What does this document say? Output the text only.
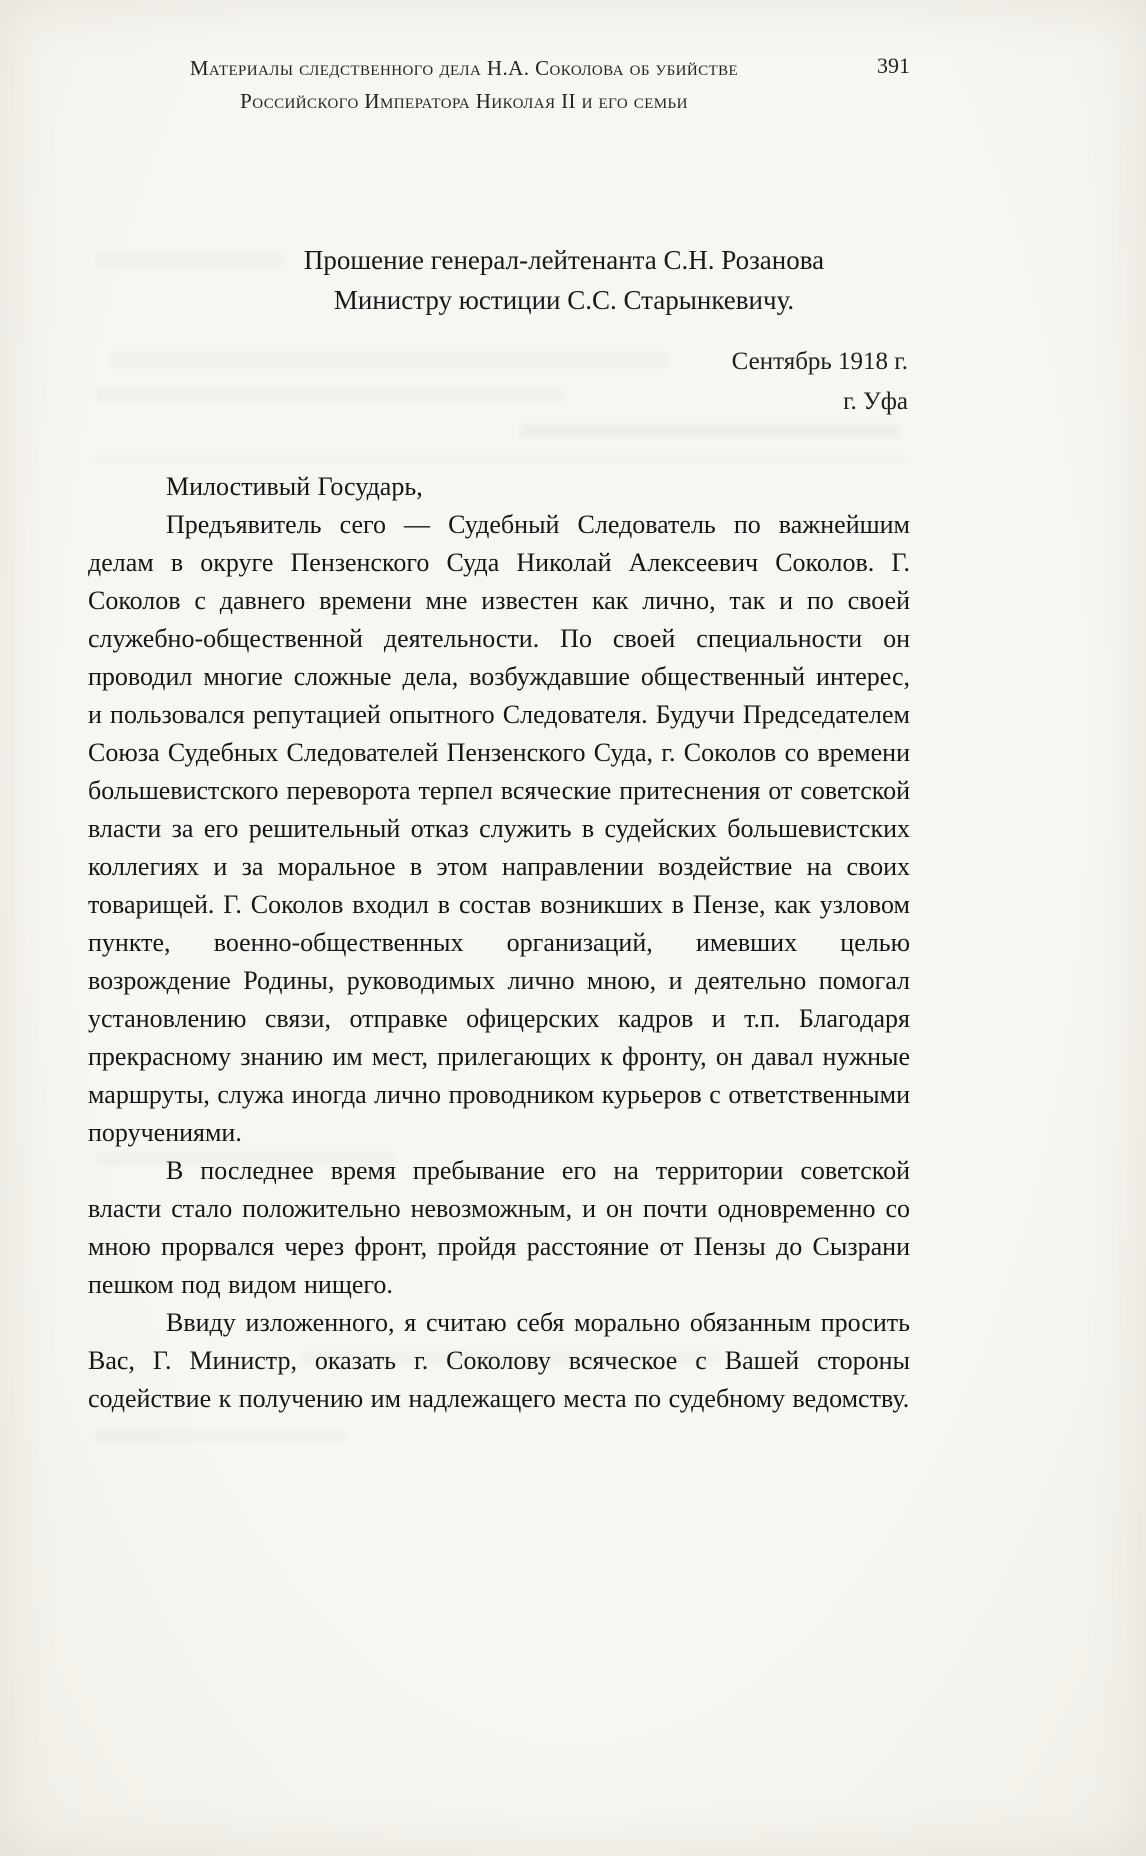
Материалы следственного дела Н.А. Соколова об убийстве
Российского Императора Николая II и его семьи
391
Прошение генерал-лейтенанта С.Н. Розанова
Министру юстиции С.С. Старынкевичу.
Сентябрь 1918 г.
г. Уфа

Милостивый Государь,

Предъявитель сего — Судебный Следователь по важнейшим делам в округе Пензенского Суда Николай Алексеевич Соколов. Г. Соколов с давнего времени мне известен как лично, так и по своей служебно-общественной деятельности. По своей специальности он проводил многие сложные дела, возбуждавшие общественный интерес, и пользовался репутацией опытного Следователя. Будучи Председателем Союза Судебных Следователей Пензенского Суда, г. Соколов со времени большевистского переворота терпел всяческие притеснения от советской власти за его решительный отказ служить в судейских большевистских коллегиях и за моральное в этом направлении воздействие на своих товарищей. Г. Соколов входил в состав возникших в Пензе, как узловом пункте, военно-общественных организаций, имевших целью возрождение Родины, руководимых лично мною, и деятельно помогал установлению связи, отправке офицерских кадров и т.п. Благодаря прекрасному знанию им мест, прилегающих к фронту, он давал нужные маршруты, служа иногда лично проводником курьеров с ответственными поручениями.

В последнее время пребывание его на территории советской власти стало положительно невозможным, и он почти одновременно со мною прорвался через фронт, пройдя расстояние от Пензы до Сызрани пешком под видом нищего.

Ввиду изложенного, я считаю себя морально обязанным просить Вас, Г. Министр, оказать г. Соколову всяческое с Вашей стороны содействие к получению им надлежащего места по судебному ведомству.
